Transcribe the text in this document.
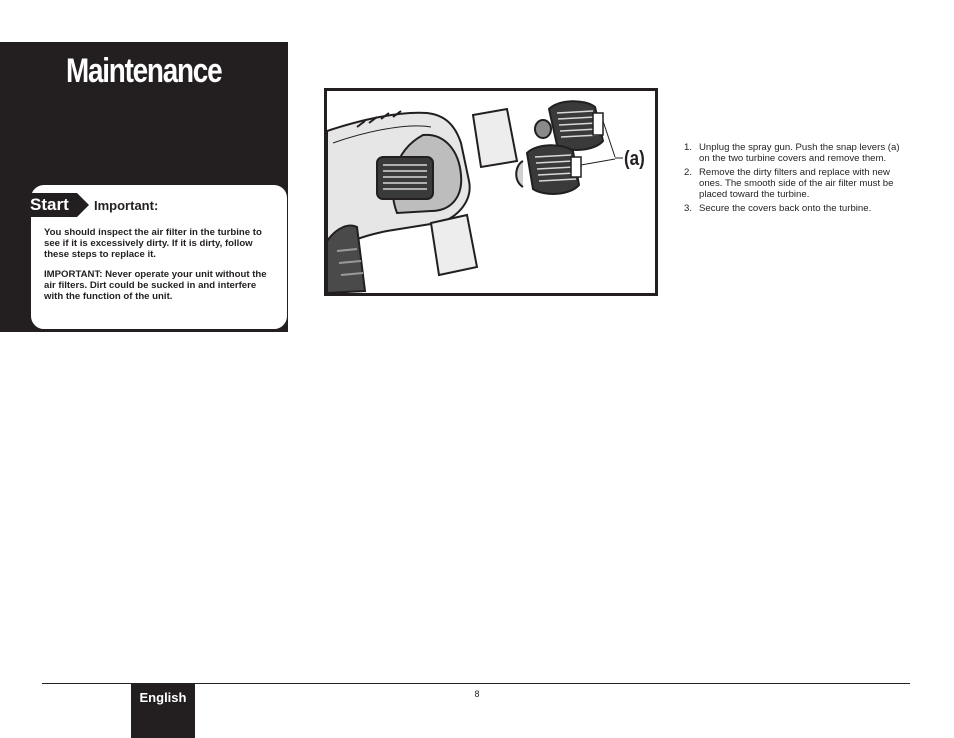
Maintenance
Start	Important:

You should inspect the air filter in the turbine to see if it is excessively dirty. If it is dirty, follow these steps to replace it.

IMPORTANT: Never operate your unit without the air filters. Dirt could be sucked in and interfere with the function of the unit.

(a)
1. Unplug the spray gun. Push the snap levers (a) on the two turbine covers and remove them.
2. Remove the dirty filters and replace with new ones. The smooth side of the air filter must be placed toward the turbine.
3. Secure the covers back onto the turbine.
English	8
